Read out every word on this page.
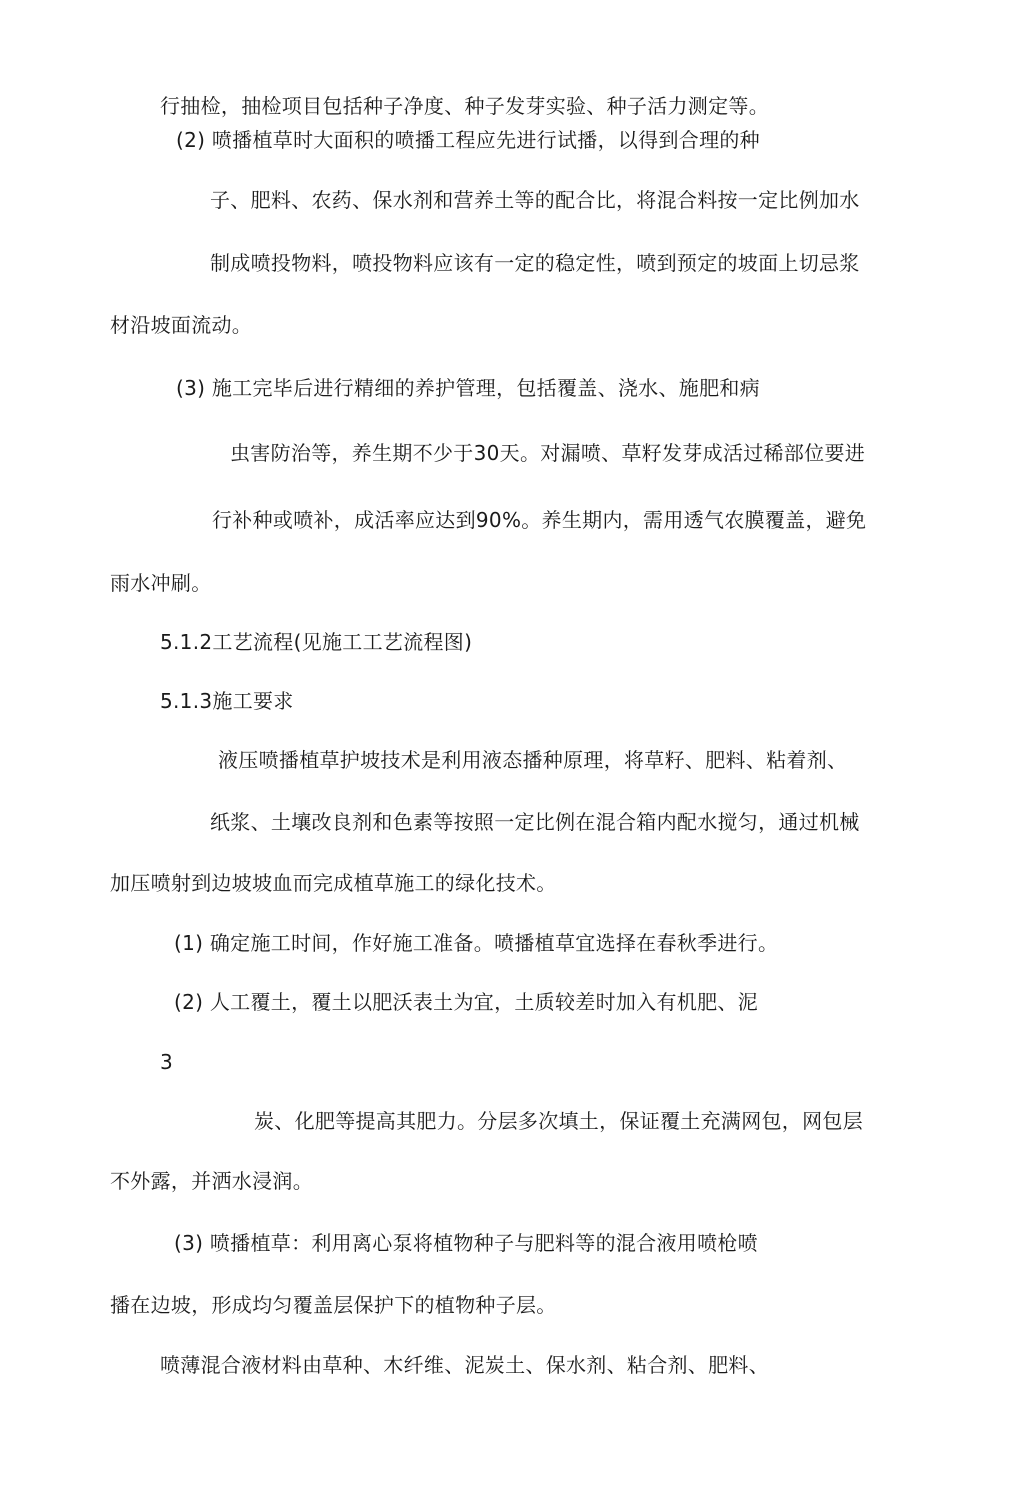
行抽检，抽检项目包括种子净度、种子发芽实验、种子活力测定等。
(2) 喷播植草时大面积的喷播工程应先进行试播，以得到合理的种
子、肥料、农药、保水剂和营养土等的配合比，将混合料按一定比例加水
制成喷投物料，喷投物料应该有一定的稳定性，喷到预定的坡面上切忌浆
材沿坡面流动。
(3) 施工完毕后进行精细的养护管理，包括覆盖、浇水、施肥和病
虫害防治等，养生期不少于30天。对漏喷、草籽发芽成活过稀部位要进
行补种或喷补，成活率应达到90%。养生期内，需用透气农膜覆盖，避免
雨水冲刷。
5.1.2工艺流程(见施工工艺流程图)
5.1.3施工要求
液压喷播植草护坡技术是利用液态播种原理，将草籽、肥料、粘着剂、
纸浆、土壤改良剂和色素等按照一定比例在混合箱内配水搅匀，通过机械
加压喷射到边坡坡血而完成植草施工的绿化技术。
(1) 确定施工时间，作好施工准备。喷播植草宜选择在春秋季进行。
(2) 人工覆土，覆土以肥沃表土为宜，土质较差时加入有机肥、泥
3
炭、化肥等提高其肥力。分层多次填土，保证覆土充满网包，网包层
不外露，并洒水浸润。
(3) 喷播植草：利用离心泵将植物种子与肥料等的混合液用喷枪喷
播在边坡，形成均匀覆盖层保护下的植物种子层。
喷薄混合液材料由草种、木纤维、泥炭土、保水剂、粘合剂、肥料、
